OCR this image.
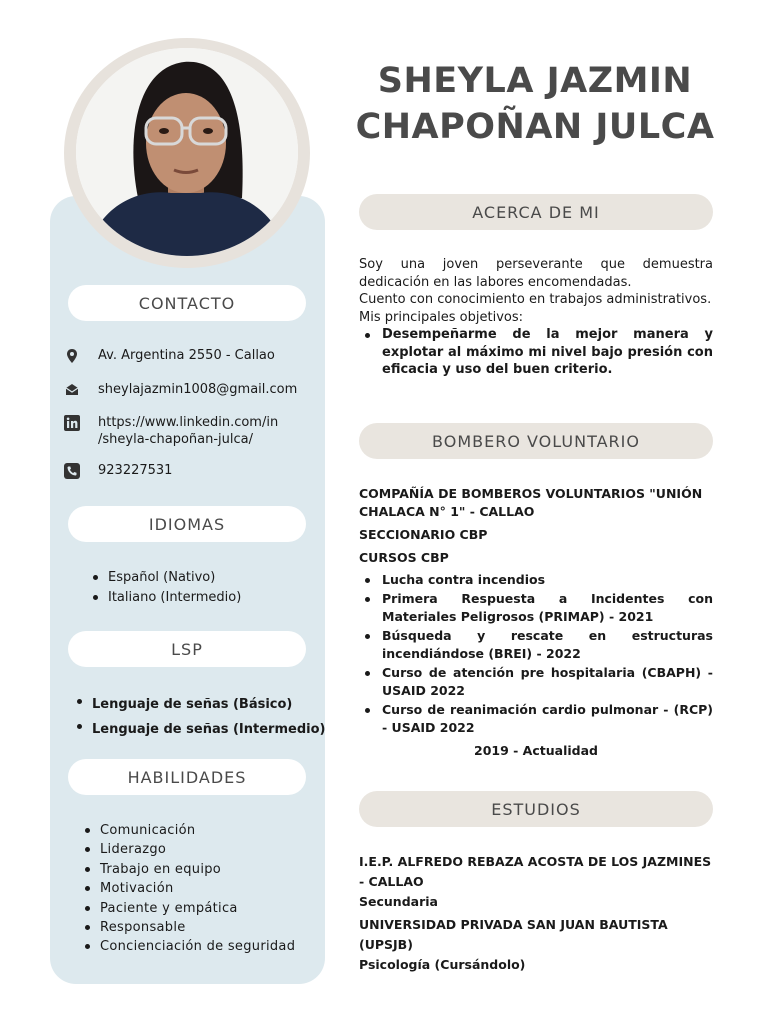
SHEYLA JAZMIN
CHAPOÑAN JULCA
CONTACTO
Av. Argentina 2550 - Callao
sheylajazmin1008@gmail.com
https://www.linkedin.com/in
/sheyla-chapoñan-julca/
923227531
IDIOMAS
Español (Nativo)
Italiano (Intermedio)
LSP
Lenguaje de señas (Básico)
Lenguaje de señas (Intermedio)
HABILIDADES
Comunicación
Liderazgo
Trabajo en equipo
Motivación
Paciente y empática
Responsable
Concienciación de seguridad
ACERCA DE MI

Soy una joven perseverante que demuestra dedicación en las labores encomendadas.

Cuento con conocimiento en trabajos administrativos.

Mis principales objetivos:

Desempeñarme de la mejor manera y explotar al máximo mi nivel bajo presión con eficacia y uso del buen criterio.
BOMBERO VOLUNTARIO
COMPAÑÍA DE BOMBEROS VOLUNTARIOS "UNIÓN CHALACA N° 1" - CALLAO
SECCIONARIO CBP
CURSOS CBP
Lucha contra incendios
Primera Respuesta a Incidentes con Materiales Peligrosos (PRIMAP) - 2021
Búsqueda y rescate en estructuras incendiándose (BREI) - 2022
Curso de atención pre hospitalaria (CBAPH) - USAID 2022
Curso de reanimación cardio pulmonar - (RCP) - USAID 2022
2019 - Actualidad
ESTUDIOS
I.E.P. ALFREDO REBAZA ACOSTA DE LOS JAZMINES - CALLAO
Secundaria
UNIVERSIDAD PRIVADA SAN JUAN BAUTISTA (UPSJB)
Psicología (Cursándolo)
